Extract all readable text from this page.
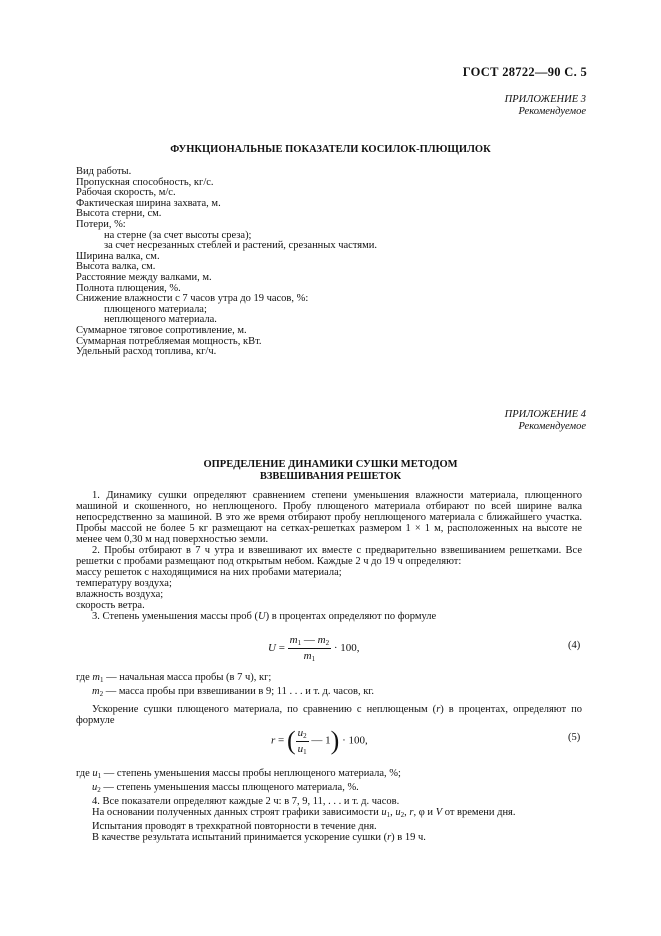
ГОСТ 28722—90 С. 5
ПРИЛОЖЕНИЕ 3
Рекомендуемое
ФУНКЦИОНАЛЬНЫЕ ПОКАЗАТЕЛИ КОСИЛОК-ПЛЮЩИЛОК
Вид работы.
Пропускная способность, кг/с.
Рабочая скорость, м/с.
Фактическая ширина захвата, м.
Высота стерни, см.
Потери, %:
на стерне (за счет высоты среза);
за счет несрезанных стеблей и растений, срезанных частями.
Ширина валка, см.
Высота валка, см.
Расстояние между валками, м.
Полнота плющения, %.
Снижение влажности с 7 часов утра до 19 часов, %:
плющеного материала;
неплющеного материала.
Суммарное тяговое сопротивление, м.
Суммарная потребляемая мощность, кВт.
Удельный расход топлива, кг/ч.
ПРИЛОЖЕНИЕ 4
Рекомендуемое
ОПРЕДЕЛЕНИЕ ДИНАМИКИ СУШКИ МЕТОДОМ
ВЗВЕШИВАНИЯ РЕШЕТОК

1. Динамику сушки определяют сравнением степени уменьшения влажности материала, плющенного машиной и скошенного, но неплющеного. Пробу плющеного материала отбирают по всей ширине валка непосредственно за машиной. В это же время отбирают пробу неплющеного материала с ближайшего участка. Пробы массой не более 5 кг размещают на сетках-решетках размером 1 × 1 м, расположенных на высоте не менее чем 0,30 м над поверхностью земли.

2. Пробы отбирают в 7 ч утра и взвешивают их вместе с предварительно взвешиванием решетками. Все решетки с пробами размещают под открытым небом. Каждые 2 ч до 19 ч определяют:

массу решеток с находящимися на них пробами материала;

температуру воздуха;

влажность воздуха;

скорость ветра.

3. Степень уменьшения массы проб (U) в процентах определяют по формуле

$U = \frac{m_1 — m_2}{m_1} \cdot 100$,	(4)

где $m_1$ — начальная масса пробы (в 7 ч), кг;

$m_2$ — масса пробы при взвешивании в 9; 11 . . . и т. д. часов, кг.

Ускорение сушки плющеного материала, по сравнению с неплющеным (r) в процентах, определяют по формуле

r = ( $\frac{u_2}{u_1}$ — 1) · 100,	(5)

где $u_1$ — степень уменьшения массы пробы неплющеного материала, %;

$u_2$ — степень уменьшения массы плющеного материала, %.

4. Все показатели определяют каждые 2 ч: в 7, 9, 11, . . . и т. д. часов.

На основании полученных данных строят графики зависимости $u_1$, $u_2$, r, φ и V от времени дня.

Испытания проводят в трехкратной повторности в течение дня.

В качестве результата испытаний принимается ускорение сушки (r) в 19 ч.
